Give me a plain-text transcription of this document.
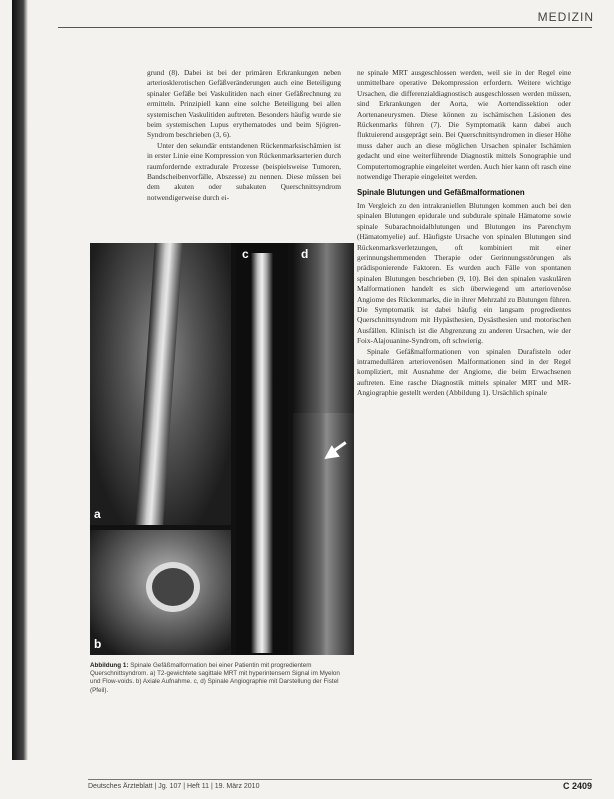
MEDIZIN

grund (8). Dabei ist bei der primären Erkrankungen neben arteriosklerotischen Gefäßveränderungen auch eine Beteiligung spinaler Gefäße bei Vaskulitiden nach einer Gefäßrechnung zu ermitteln. Prinzipiell kann eine solche Beteiligung bei allen systemischen Vaskulitiden auftreten. Besonders häufig wurde sie beim systemischen Lupus erythematodes und beim Sjögren-Syndrom beschrieben (3, 6).

Unter den sekundär entstandenen Rückenmarksischämien ist in erster Linie eine Kompression von Rückenmarksarterien durch raumfordernde extradurale Prozesse (beispielsweise Tumoren, Bandscheibenvorfälle, Abszesse) zu nennen. Diese müssen bei dem akuten oder subakuten Querschnittsyndrom notwendigerweise durch ei-

ne spinale MRT ausgeschlossen werden, weil sie in der Regel eine unmittelbare operative Dekompression erfordern. Weitere wichtige Ursachen, die differenzialdiagnostisch ausgeschlossen werden müssen, sind Erkrankungen der Aorta, wie Aortendissektion oder Aortenaneurysmen. Diese können zu ischämischen Läsionen des Rückenmarks führen (7). Die Symptomatik kann dabei auch fluktuierend ausgeprägt sein. Bei Querschnittsyndromen in dieser Höhe muss daher auch an diese möglichen Ursachen spinaler Ischämien gedacht und eine weiterführende Diagnostik mittels Sonographie und Computertomographie eingeleitet werden. Auch hier kann oft rasch eine notwendige Therapie eingeleitet werden.

Spinale Blutungen und Gefäßmalformationen

Im Vergleich zu den intrakraniellen Blutungen kommen auch bei den spinalen Blutungen epidurale und subdurale spinale Hämatome sowie spinale Subarachnoidalblutungen und Blutungen ins Parenchym (Hämatomyelie) auf. Häufigste Ursache von spinalen Blutungen sind Rückenmarksverletzungen, oft kombiniert mit einer gerinnungshemmenden Therapie oder Gerinnungsstörungen als prädisponierende Faktoren. Es wurden auch Fälle von spontanen spinalen Blutungen beschrieben (9, 10). Bei den spinalen vaskulären Malformationen handelt es sich überwiegend um arteriovenöse Angiome des Rückenmarks, die in ihrer Mehrzahl zu Blutungen führen. Die Symptomatik ist dabei häufig ein langsam progredientes Querschnittsyndrom mit Hypästhesien, Dysästhesien und motorischen Ausfällen. Klinisch ist die Abgrenzung zu anderen Ursachen, wie der Foix-Alajouanine-Syndrom, oft schwierig.

Spinale Gefäßmalformationen von spinalen Durafisteln oder intramedullären arteriovenösen Malformationen sind in der Regel kompliziert, mit Ausnahme der Angiome, die beim Erwachsenen auftreten. Eine rasche Diagnostik mittels spinaler MRT und MR-Angiographie gestellt werden (Abbildung 1). Ursächlich spinale

a
b
c	d
Abbildung 1: Spinale Gefäßmalformation bei einer Patientin mit progredientem Querschnittsyndrom. a) T2-gewichtete sagittale MRT mit hyperintensem Signal im Myelon und Flow-voids. b) Axiale Aufnahme. c, d) Spinale Angiographie mit Darstellung der Fistel (Pfeil).
Deutsches Ärzteblatt | Jg. 107 | Heft 11 | 19. März 2010	C 2409
